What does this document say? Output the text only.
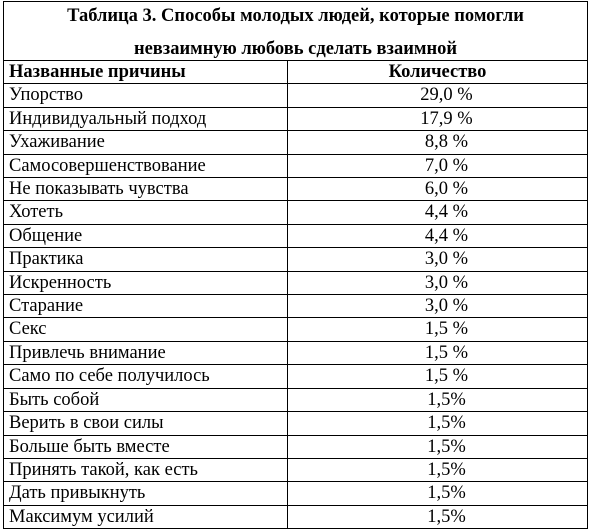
Таблица 3. Способы молодых людей, которые помогли
невзаимную любовь сделать взаимной	

Названные причины	Количество
Упорство	29,0 %
Индивидуальный подход	17,9 %
Ухаживание	8,8 %
Самосовершенствование	7,0 %
Не показывать чувства	6,0 %
Хотеть	4,4 %
Общение	4,4 %
Практика	3,0 %
Искренность	3,0 %
Старание	3,0 %
Секс	1,5 %
Привлечь внимание	1,5 %
Само по себе получилось	1,5 %
Быть собой	1,5%
Верить в свои силы	1,5%
Больше быть вместе	1,5%
Принять такой, как есть	1,5%
Дать привыкнуть	1,5%
Максимум усилий	1,5%
